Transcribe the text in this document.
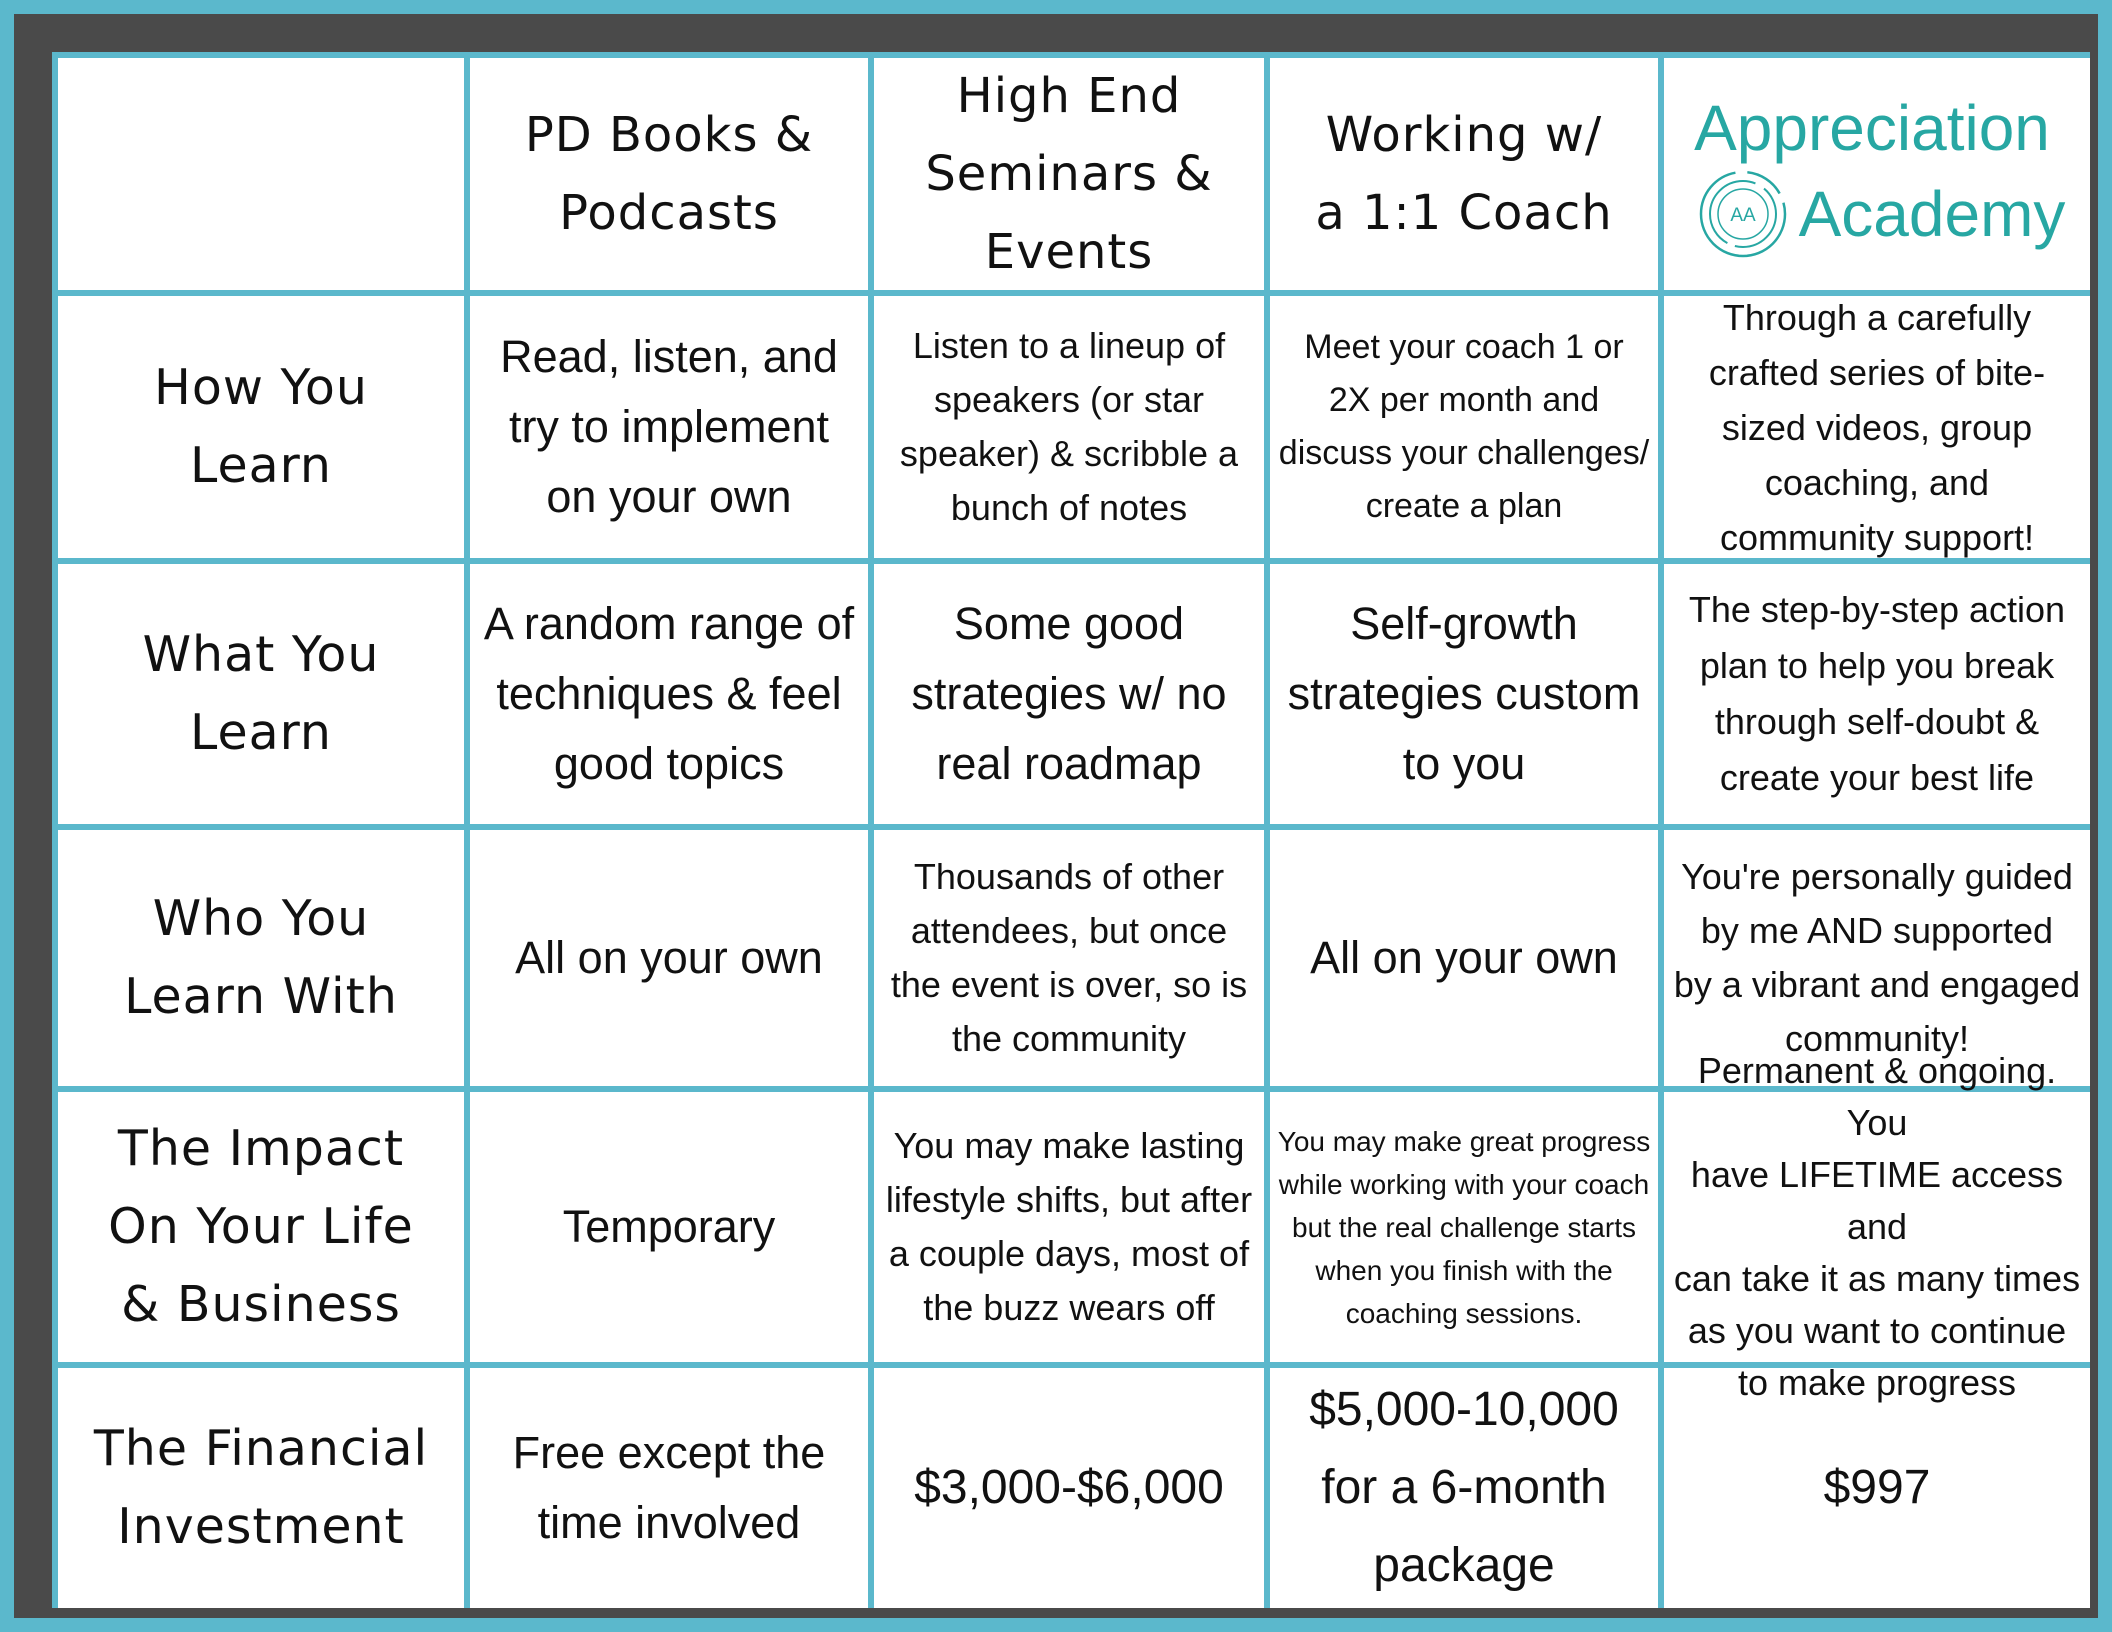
PD Books &
Podcasts
High End
Seminars &
Events
Working w/
a 1:1 Coach
Appreciation
AA Academy
How You
Learn
Read, listen, and
try to implement
on your own
Listen to a lineup of
speakers (or star
speaker) & scribble a
bunch of notes
Meet your coach 1 or
2X per month and
discuss your challenges/
create a plan
Through a carefully
crafted series of bite-
sized videos, group
coaching, and
community support!
What You
Learn
A random range of
techniques & feel
good topics
Some good
strategies w/ no
real roadmap
Self-growth
strategies custom
to you
The step-by-step action
plan to help you break
through self-doubt &
create your best life
Who You
Learn With
All on your own
Thousands of other
attendees, but once
the event is over, so is
the community
All on your own
You're personally guided
by me AND supported
by a vibrant and engaged
community!
The Impact
On Your Life
& Business
Temporary
You may make lasting
lifestyle shifts, but after
a couple days, most of
the buzz wears off
You may make great progress
while working with your coach
but the real challenge starts
when you finish with the
coaching sessions.
Permanent & ongoing. You
have LIFETIME access and
can take it as many times
as you want to continue
to make progress
The Financial
Investment
Free except the
time involved
$3,000-$6,000
$5,000-10,000
for a 6-month
package
$997
